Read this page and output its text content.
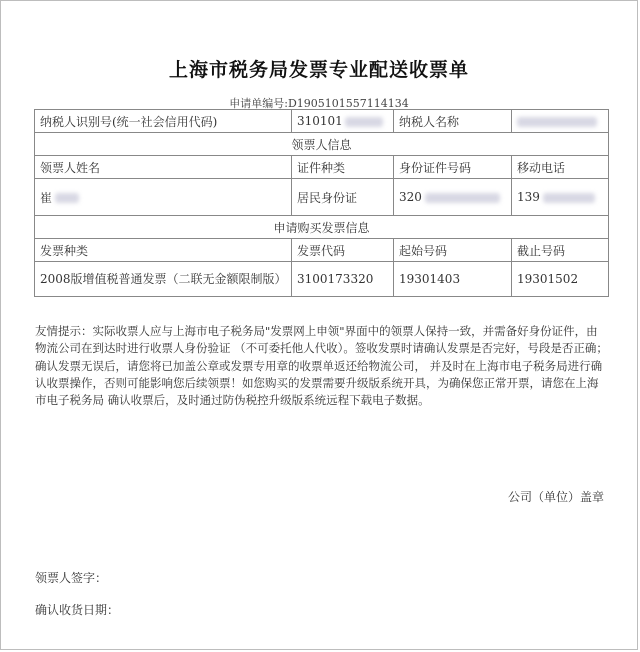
上海市税务局发票专业配送收票单
申请单编号:D1905101557114134
纳税人识别号(统一社会信用代码)	310101	纳税人名称	
领票人信息			
领票人姓名	证件种类	身份证件号码	移动电话
崔	居民身份证	320	139
申请购买发票信息			
发票种类	发票代码	起始号码	截止号码
2008版增值税普通发票（二联无金额限制版）	3100173320	19301403	19301502
友情提示：实际收票人应与上海市电子税务局"发票网上申领"界面中的领票人保持一致，并需备好身份证件，由物流公司在到达时进行收票人身份验证 （不可委托他人代收）。签收发票时请确认发票是否完好，号段是否正确；确认发票无误后，请您将已加盖公章或发票专用章的收票单返还给物流公司， 并及时在上海市电子税务局进行确认收票操作，否则可能影响您后续领票！如您购买的发票需要升级版系统开具，为确保您正常开票，请您在上海市电子税务局 确认收票后，及时通过防伪税控升级版系统远程下载电子数据。
公司（单位）盖章
领票人签字：
确认收货日期：
